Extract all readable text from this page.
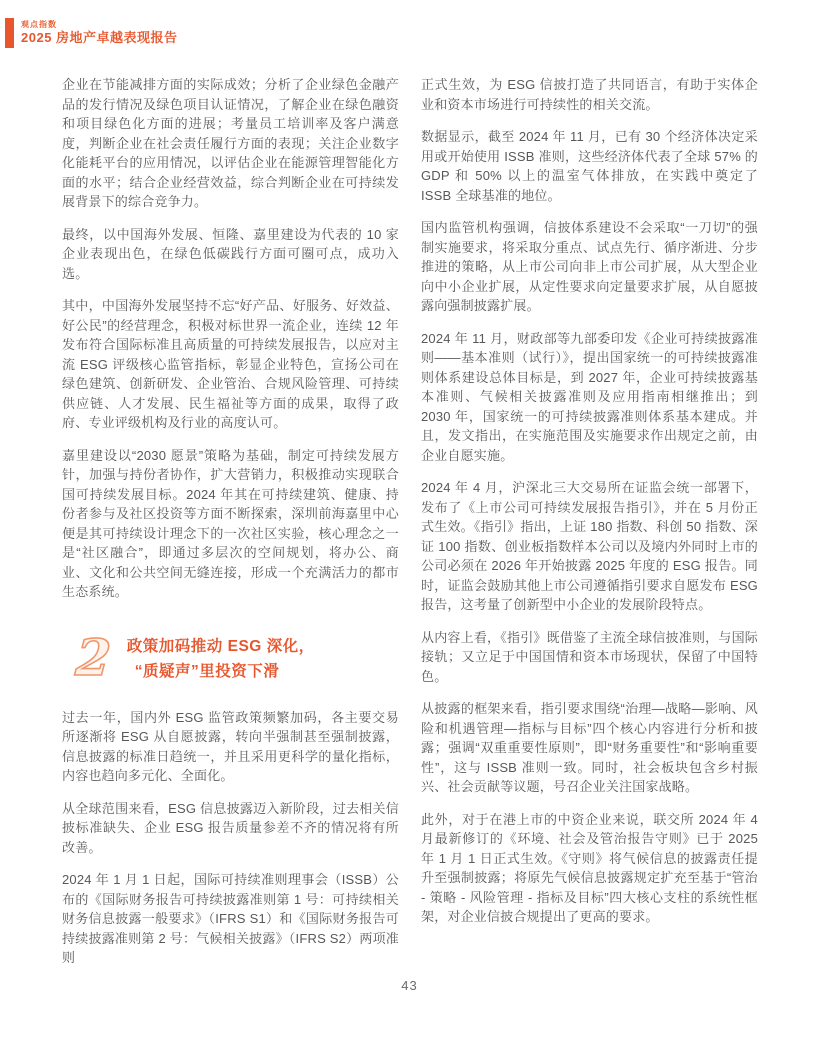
观点指数
2025 房地产卓越表现报告

企业在节能减排方面的实际成效；分析了企业绿色金融产品的发行情况及绿色项目认证情况，了解企业在绿色融资和项目绿色化方面的进展；考量员工培训率及客户满意度，判断企业在社会责任履行方面的表现；关注企业数字化能耗平台的应用情况，以评估企业在能源管理智能化方面的水平；结合企业经营效益，综合判断企业在可持续发展背景下的综合竞争力。

最终，以中国海外发展、恒隆、嘉里建设为代表的 10 家企业表现出色，在绿色低碳践行方面可圈可点，成功入选。

其中，中国海外发展坚持不忘“好产品、好服务、好效益、好公民”的经营理念，积极对标世界一流企业，连续 12 年发布符合国际标准且高质量的可持续发展报告，以应对主流 ESG 评级核心监管指标，彰显企业特色，宣扬公司在绿色建筑、创新研发、企业管治、合规风险管理、可持续供应链、人才发展、民生福祉等方面的成果，取得了政府、专业评级机构及行业的高度认可。

嘉里建设以“2030 愿景”策略为基础，制定可持续发展方针，加强与持份者协作，扩大营销力，积极推动实现联合国可持续发展目标。2024 年其在可持续建筑、健康、持份者参与及社区投资等方面不断探索，深圳前海嘉里中心便是其可持续设计理念下的一次社区实验，核心理念之一是“社区融合”，即通过多层次的空间规划，将办公、商业、文化和公共空间无缝连接，形成一个充满活力的都市生态系统。

2 政策加码推动 ESG 深化，
“质疑声”里投资下滑

过去一年，国内外 ESG 监管政策频繁加码，各主要交易所逐渐将 ESG 从自愿披露，转向半强制甚至强制披露，信息披露的标准日趋统一，并且采用更科学的量化指标，内容也趋向多元化、全面化。

从全球范围来看，ESG 信息披露迈入新阶段，过去相关信披标准缺失、企业 ESG 报告质量参差不齐的情况将有所改善。

2024 年 1 月 1 日起，国际可持续准则理事会（ISSB）公布的《国际财务报告可持续披露准则第 1 号：可持续相关财务信息披露一般要求》（IFRS S1）和《国际财务报告可持续披露准则第 2 号：气候相关披露》（IFRS S2）两项准则

正式生效，为 ESG 信披打造了共同语言，有助于实体企业和资本市场进行可持续性的相关交流。

数据显示，截至 2024 年 11 月，已有 30 个经济体决定采用或开始使用 ISSB 准则，这些经济体代表了全球 57% 的 GDP 和 50% 以上的温室气体排放，在实践中奠定了 ISSB 全球基准的地位。

国内监管机构强调，信披体系建设不会采取“一刀切”的强制实施要求，将采取分重点、试点先行、循序渐进、分步推进的策略，从上市公司向非上市公司扩展，从大型企业向中小企业扩展，从定性要求向定量要求扩展，从自愿披露向强制披露扩展。

2024 年 11 月，财政部等九部委印发《企业可持续披露准则——基本准则（试行）》，提出国家统一的可持续披露准则体系建设总体目标是，到 2027 年，企业可持续披露基本准则、气候相关披露准则及应用指南相继推出；到 2030 年，国家统一的可持续披露准则体系基本建成。并且，发文指出，在实施范围及实施要求作出规定之前，由企业自愿实施。

2024 年 4 月，沪深北三大交易所在证监会统一部署下，发布了《上市公司可持续发展报告指引》，并在 5 月份正式生效。《指引》指出，上证 180 指数、科创 50 指数、深证 100 指数、创业板指数样本公司以及境内外同时上市的公司必须在 2026 年开始披露 2025 年度的 ESG 报告。同时，证监会鼓励其他上市公司遵循指引要求自愿发布 ESG 报告，这考量了创新型中小企业的发展阶段特点。

从内容上看，《指引》既借鉴了主流全球信披准则，与国际接轨；又立足于中国国情和资本市场现状，保留了中国特色。

从披露的框架来看，指引要求围绕“治理—战略—影响、风险和机遇管理—指标与目标”四个核心内容进行分析和披露；强调“双重重要性原则”，即“财务重要性”和“影响重要性”，这与 ISSB 准则一致。同时，社会板块包含乡村振兴、社会贡献等议题，号召企业关注国家战略。

此外，对于在港上市的中资企业来说，联交所 2024 年 4 月最新修订的《环境、社会及管治报告守则》已于 2025 年 1 月 1 日正式生效。《守则》将气候信息的披露责任提升至强制披露；将原先气候信息披露规定扩充至基于“管治 - 策略 - 风险管理 - 指标及目标”四大核心支柱的系统性框架，对企业信披合规提出了更高的要求。

43
